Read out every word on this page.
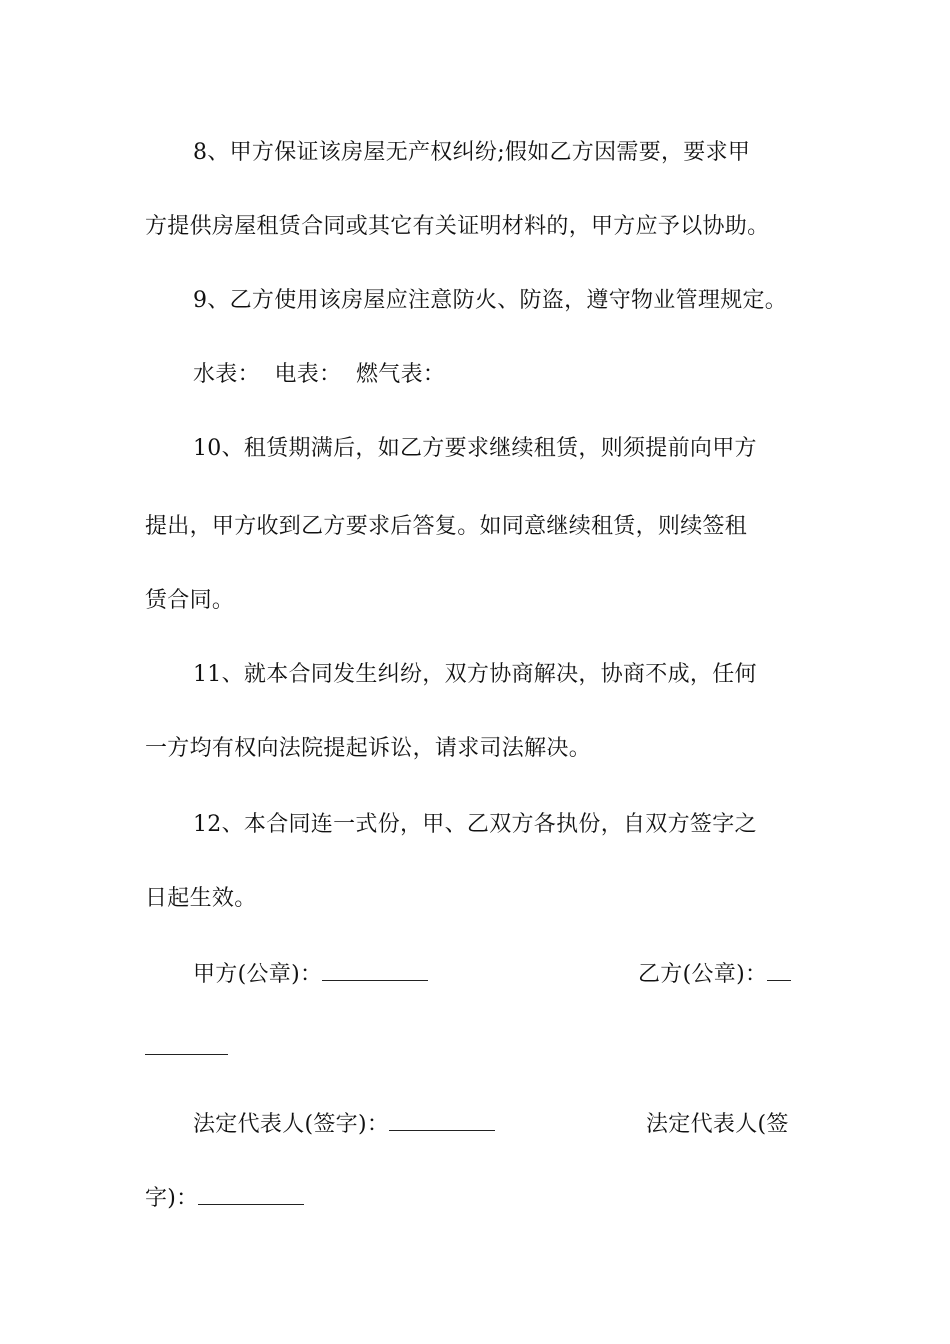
8、甲方保证该房屋无产权纠纷;假如乙方因需要，要求甲
方提供房屋租赁合同或其它有关证明材料的，甲方应予以协助。
9、乙方使用该房屋应注意防火、防盗，遵守物业管理规定。
水表：  电表：  燃气表：
10、租赁期满后，如乙方要求继续租赁，则须提前向甲方
提出，甲方收到乙方要求后答复。如同意继续租赁，则续签租
赁合同。
11、就本合同发生纠纷，双方协商解决，协商不成，任何
一方均有权向法院提起诉讼，请求司法解决。
12、本合同连一式份，甲、乙双方各执份，自双方签字之
日起生效。
甲方(公章)：	乙方(公章)：
法定代表人(签字)：	法定代表人(签
字)：
